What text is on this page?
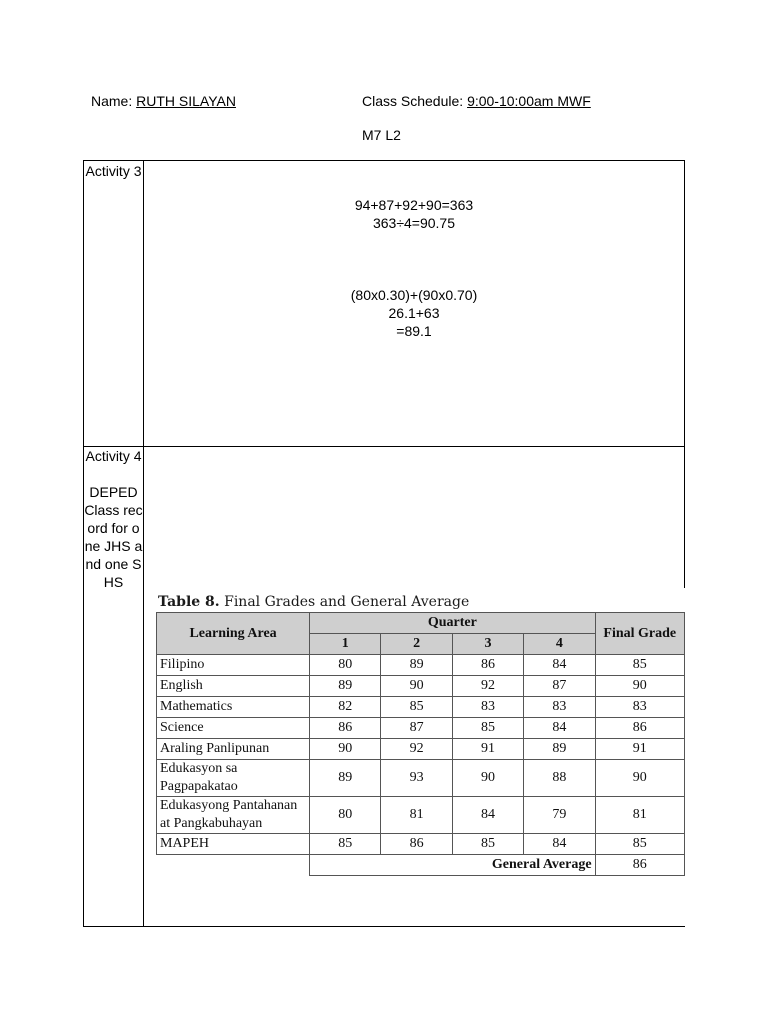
Name: RUTH SILAYAN	Class Schedule: 9:00-10:00am MWF
M7 L2

Activity 3

94+87+92+90=363
363÷4=90.75
(80x0.30)+(90x0.70)
26.1+63
=89.1

Activity 4

DEPED Class record for one JHS and one SHS

Table 8. Final Grades and General Average
Learning Area	Quarter				Final Grade
	1	2	3	4	
Filipino	80	89	86	84	85
English	89	90	92	87	90
Mathematics	82	85	83	83	83
Science	86	87	85	84	86
Araling Panlipunan	90	92	91	89	91
Edukasyon sa Pagpapakatao	89	93	90	88	90
Edukasyong Pantahanan at Pangkabuhayan	80	81	84	79	81
MAPEH	85	86	85	84	85
	General Average				86
